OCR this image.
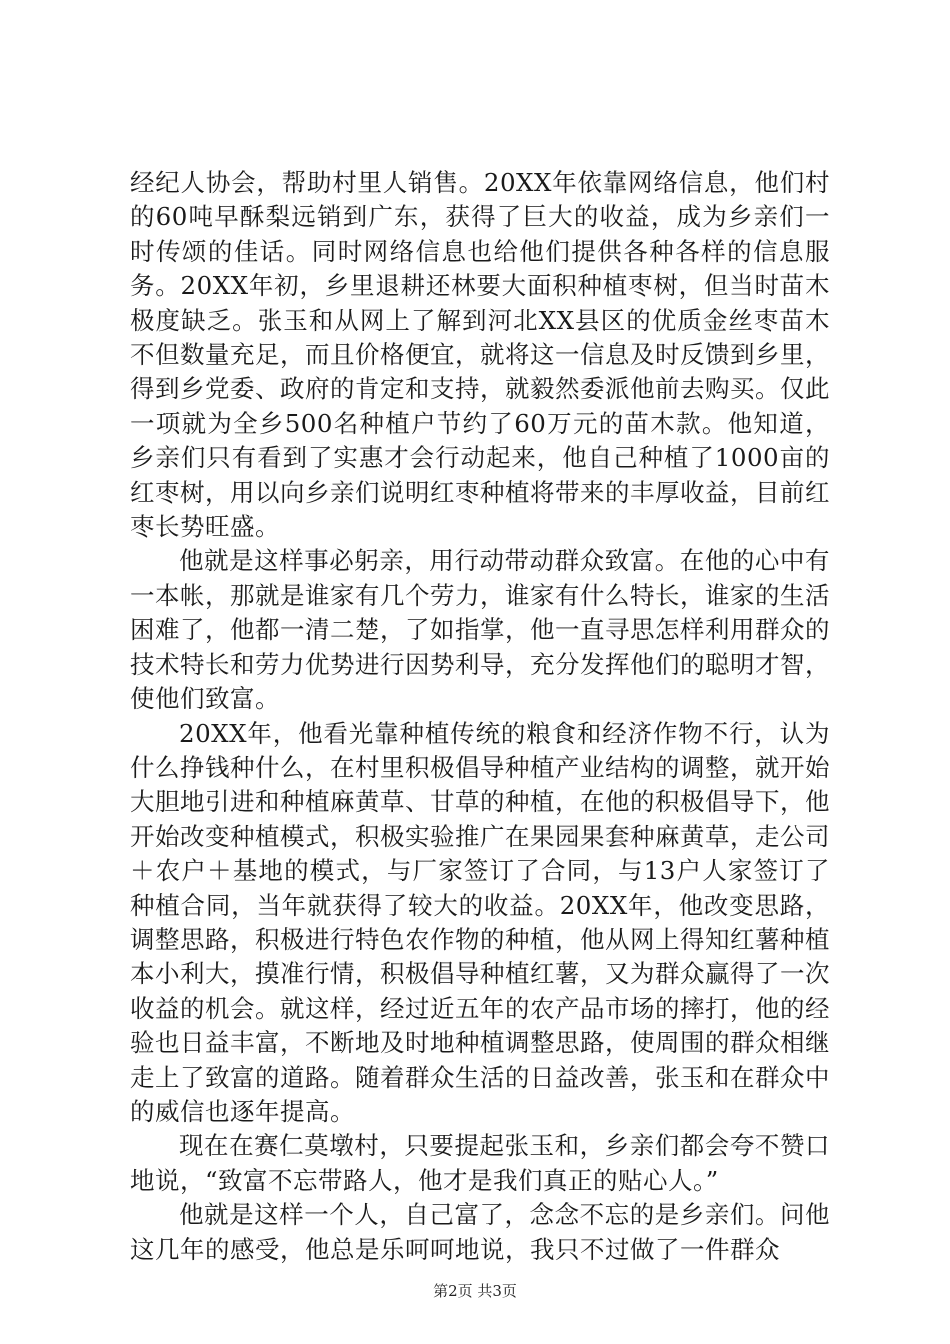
经纪人协会，帮助村里人销售。20XX年依靠网络信息，他们村的60吨早酥梨远销到广东，获得了巨大的收益，成为乡亲们一时传颂的佳话。同时网络信息也给他们提供各种各样的信息服务。20XX年初，乡里退耕还林要大面积种植枣树，但当时苗木极度缺乏。张玉和从网上了解到河北XX县区的优质金丝枣苗木不但数量充足，而且价格便宜，就将这一信息及时反馈到乡里，得到乡党委、政府的肯定和支持，就毅然委派他前去购买。仅此一项就为全乡500名种植户节约了60万元的苗木款。他知道，乡亲们只有看到了实惠才会行动起来，他自己种植了1000亩的红枣树，用以向乡亲们说明红枣种植将带来的丰厚收益，目前红枣长势旺盛。

他就是这样事必躬亲，用行动带动群众致富。在他的心中有一本帐，那就是谁家有几个劳力，谁家有什么特长，谁家的生活困难了，他都一清二楚，了如指掌，他一直寻思怎样利用群众的技术特长和劳力优势进行因势利导，充分发挥他们的聪明才智，使他们致富。

20XX年，他看光靠种植传统的粮食和经济作物不行，认为什么挣钱种什么，在村里积极倡导种植产业结构的调整，就开始大胆地引进和种植麻黄草、甘草的种植，在他的积极倡导下，他开始改变种植模式，积极实验推广在果园果套种麻黄草，走公司＋农户＋基地的模式，与厂家签订了合同，与13户人家签订了种植合同，当年就获得了较大的收益。20XX年，他改变思路，调整思路，积极进行特色农作物的种植，他从网上得知红薯种植本小利大，摸准行情，积极倡导种植红薯，又为群众赢得了一次收益的机会。就这样，经过近五年的农产品市场的摔打，他的经验也日益丰富，不断地及时地种植调整思路，使周围的群众相继走上了致富的道路。随着群众生活的日益改善，张玉和在群众中的威信也逐年提高。

现在在赛仁莫墩村，只要提起张玉和，乡亲们都会夸不赞口地说，“致富不忘带路人，他才是我们真正的贴心人。”

他就是这样一个人，自己富了，念念不忘的是乡亲们。问他这几年的感受，他总是乐呵呵地说，我只不过做了一件群众

第2页 共3页
